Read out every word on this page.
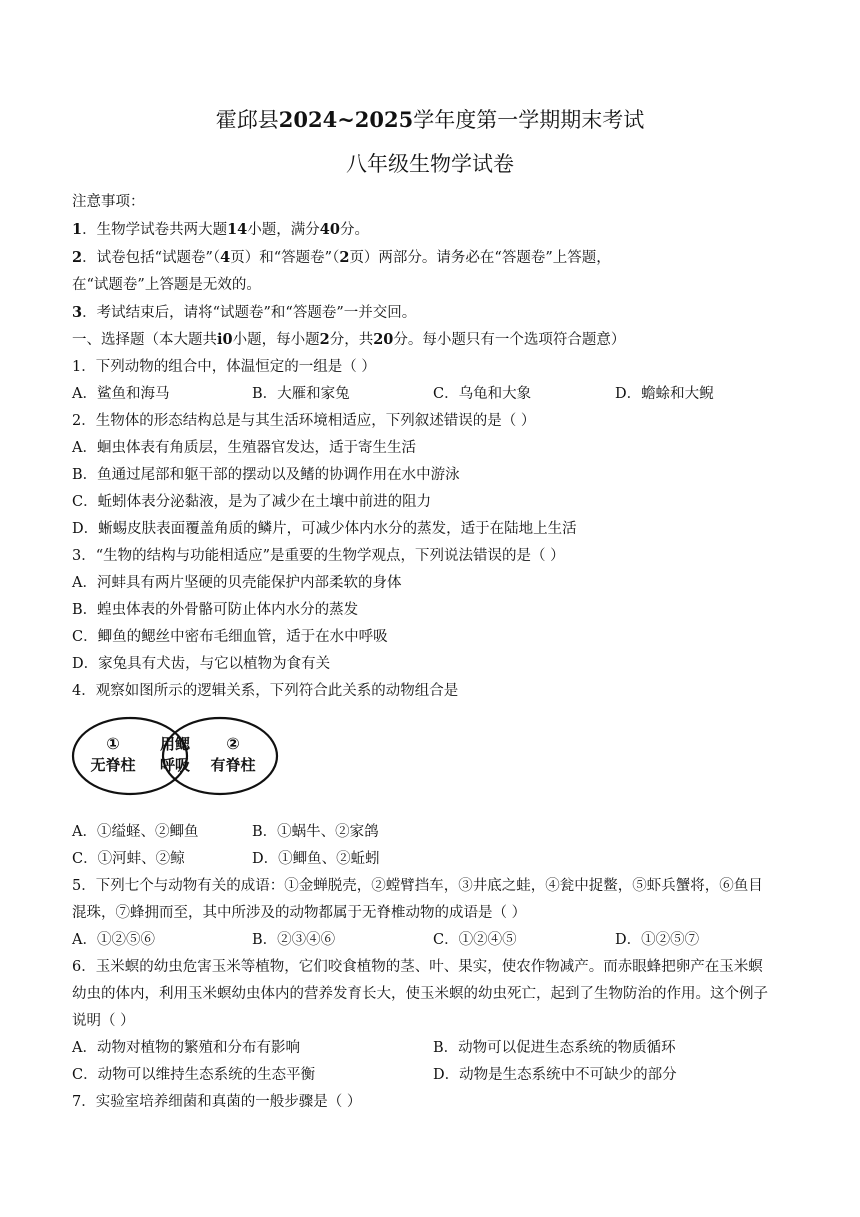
霍邱县2024~2025学年度第一学期期末考试
八年级生物学试卷
注意事项：
1．生物学试卷共两大题14小题，满分40分。
2．试卷包括“试题卷”（4页）和“答题卷”（2页）两部分。请务必在“答题卷”上答题，
在“试题卷”上答题是无效的。
3．考试结束后，请将“试题卷”和“答题卷”一并交回。
一、选择题（本大题共i0小题，每小题2分，共20分。每小题只有一个选项符合题意）
1．下列动物的组合中，体温恒定的一组是（ ）
A．鲨鱼和海马	B．大雁和家兔	C．乌龟和大象	D．蟾蜍和大鲵
2．生物体的形态结构总是与其生活环境相适应，下列叙述错误的是（ ）
A．蛔虫体表有角质层，生殖器官发达，适于寄生生活
B．鱼通过尾部和躯干部的摆动以及鳍的协调作用在水中游泳
C．蚯蚓体表分泌黏液，是为了减少在土壤中前进的阻力
D．蜥蜴皮肤表面覆盖角质的鳞片，可减少体内水分的蒸发，适于在陆地上生活
3．“生物的结构与功能相适应”是重要的生物学观点，下列说法错误的是（ ）
A．河蚌具有两片坚硬的贝壳能保护内部柔软的身体
B．蝗虫体表的外骨骼可防止体内水分的蒸发
C．鲫鱼的鳃丝中密布毛细血管，适于在水中呼吸
D．家兔具有犬齿，与它以植物为食有关
4．观察如图所示的逻辑关系，下列符合此关系的动物组合是
①
无脊柱
用鳃
呼吸
②
有脊柱
A．①缢蛏、②鲫鱼	B．①蜗牛、②家鸽
C．①河蚌、②鲸	D．①鲫鱼、②蚯蚓
5．下列七个与动物有关的成语：①金蝉脱壳，②螳臂挡车，③井底之蛙，④瓮中捉鳖，⑤虾兵蟹将，⑥鱼目
混珠，⑦蜂拥而至，其中所涉及的动物都属于无脊椎动物的成语是（ ）
A．①②⑤⑥	B．②③④⑥	C．①②④⑤	D．①②⑤⑦
6．玉米螟的幼虫危害玉米等植物，它们咬食植物的茎、叶、果实，使农作物减产。而赤眼蜂把卵产在玉米螟
幼虫的体内，利用玉米螟幼虫体内的营养发育长大，使玉米螟的幼虫死亡，起到了生物防治的作用。这个例子
说明（ ）
A．动物对植物的繁殖和分布有影响	B．动物可以促进生态系统的物质循环
C．动物可以维持生态系统的生态平衡	D．动物是生态系统中不可缺少的部分
7．实验室培养细菌和真菌的一般步骤是（ ）
